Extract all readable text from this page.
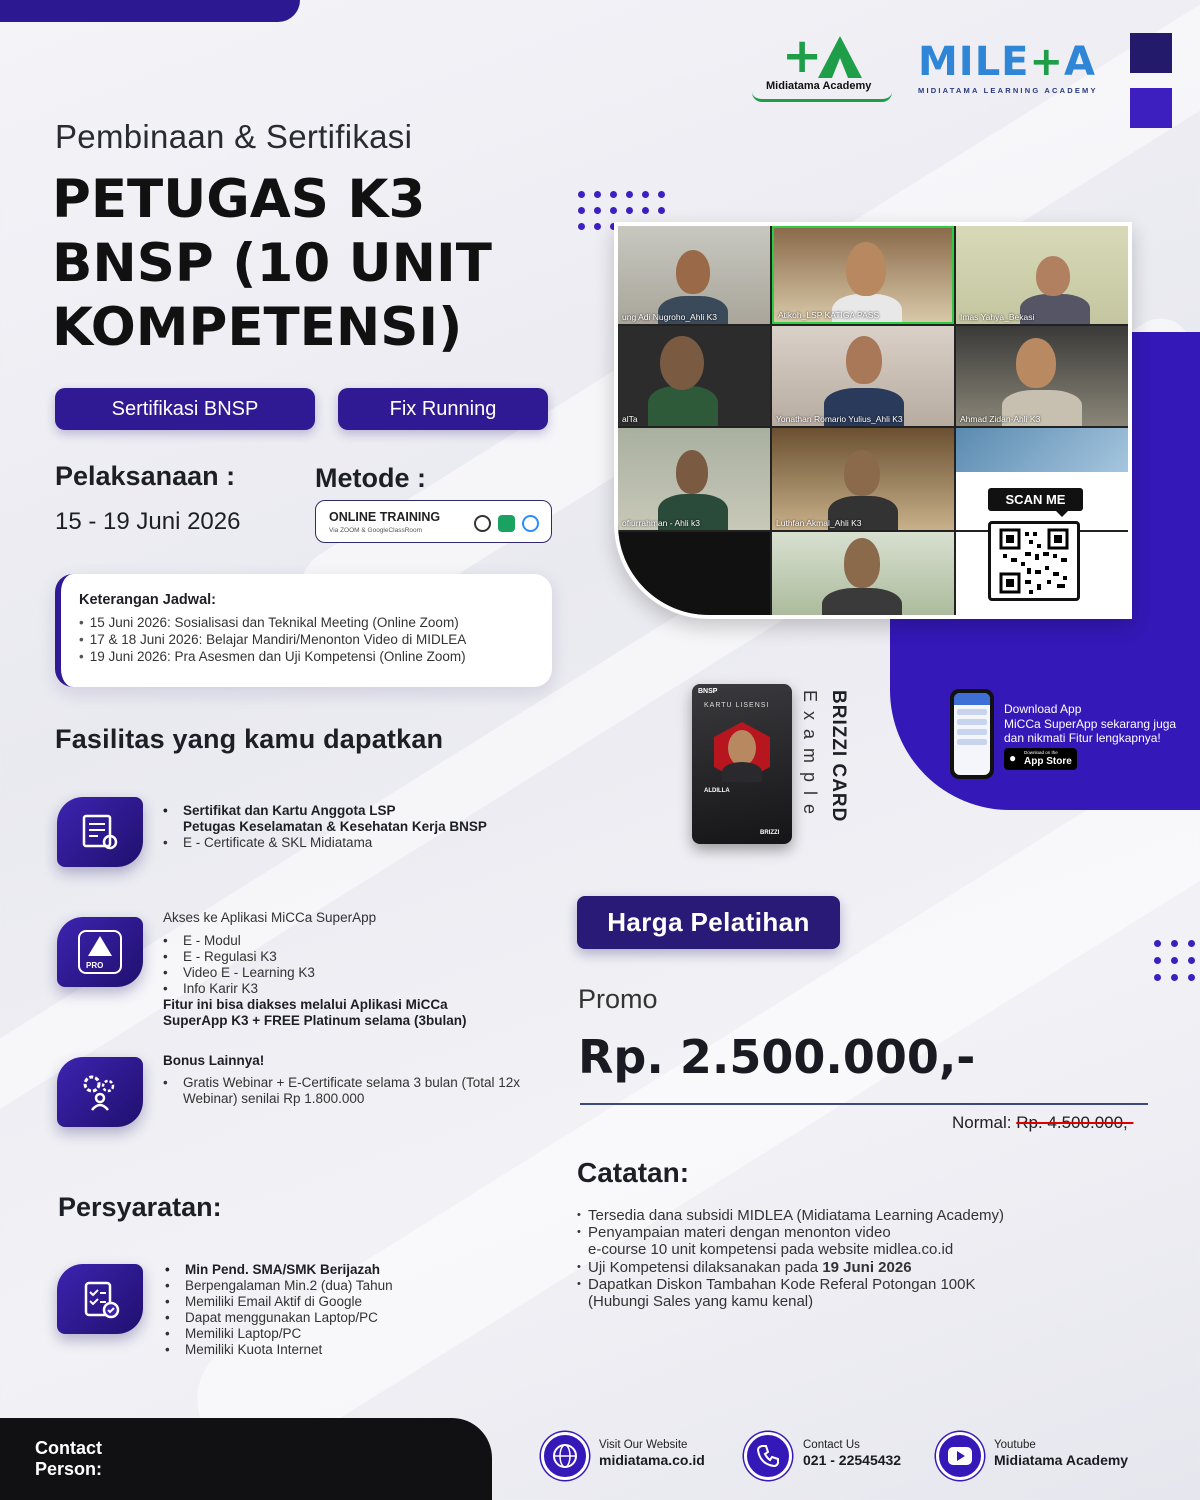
+
Midiatama Academy
MILE+A
MIDIATAMA LEARNING ACADEMY
Pembinaan & Sertifikasi
PETUGAS K3 BNSP (10 UNIT KOMPETENSI)
Sertifikasi BNSP	Fix Running
Pelaksanaan :	Metode :
15 - 19 Juni 2026	ONLINE TRAINING
Via ZOOM & GoogleClassRoom
Keterangan Jadwal:
• 15 Juni 2026: Sosialisasi dan Teknikal Meeting (Online Zoom)
• 17 & 18 Juni 2026: Belajar Mandiri/Menonton Video di MIDLEA
• 19 Juni 2026: Pra Asesmen dan Uji Kompetensi (Online Zoom)
Fasilitas yang kamu dapatkan
• Sertifikat dan Kartu Anggota LSP
Petugas Keselamatan & Kesehatan Kerja BNSP
• E - Certificate & SKL Midiatama
PRO
Akses ke Aplikasi MiCCa SuperApp
• E - Modul
• E - Regulasi K3
• Video E - Learning K3
• Info Karir K3
Fitur ini bisa diakses melalui Aplikasi MiCCa
SuperApp K3 + FREE Platinum selama (3bulan)
Bonus Lainnya!
• Gratis Webinar + E-Certificate selama 3 bulan (Total 12x
Webinar) senilai Rp 1.800.000
Persyaratan:
• Min Pend. SMA/SMK Berijazah
• Berpengalaman Min.2 (dua) Tahun
• Memiliki Email Aktif di Google
• Dapat menggunakan Laptop/PC
• Memiliki Laptop/PC
• Memiliki Kuota Internet
ung Adi Nugroho_Ahli K3	Atikoh_LSP KATIGA PASS	Imas Yahya_Bekasi
alTa	Yonathan Romario Yulius_Ahli K3	Ahmad Zidan-Ahli K3
ofiurrahman - Ahli k3	Luthfan Akmal_Ahli K3
SCAN ME
BNSP
KARTU LISENSI
ALDILLA
BRIZZI
BRIZZI CARD
Example	Download App
MiCCa SuperApp sekarang juga
dan nikmati Fitur lengkapnya!
● Download on the
App Store
Harga Pelatihan
Promo
Rp. 2.500.000,-
Normal: Rp. 4.500.000,-
Catatan:
• Tersedia dana subsidi MIDLEA (Midiatama Learning Academy)
• Penyampaian materi dengan menonton video
e-course 10 unit kompetensi pada website midlea.co.id
• Uji Kompetensi dilaksanakan pada 19 Juni 2026
• Dapatkan Diskon Tambahan Kode Referal Potongan 100K
(Hubungi Sales yang kamu kenal)
Contact
Person:
Visit Our Website
midiatama.co.id
Contact Us
021 - 22545432
Youtube
Midiatama Academy
